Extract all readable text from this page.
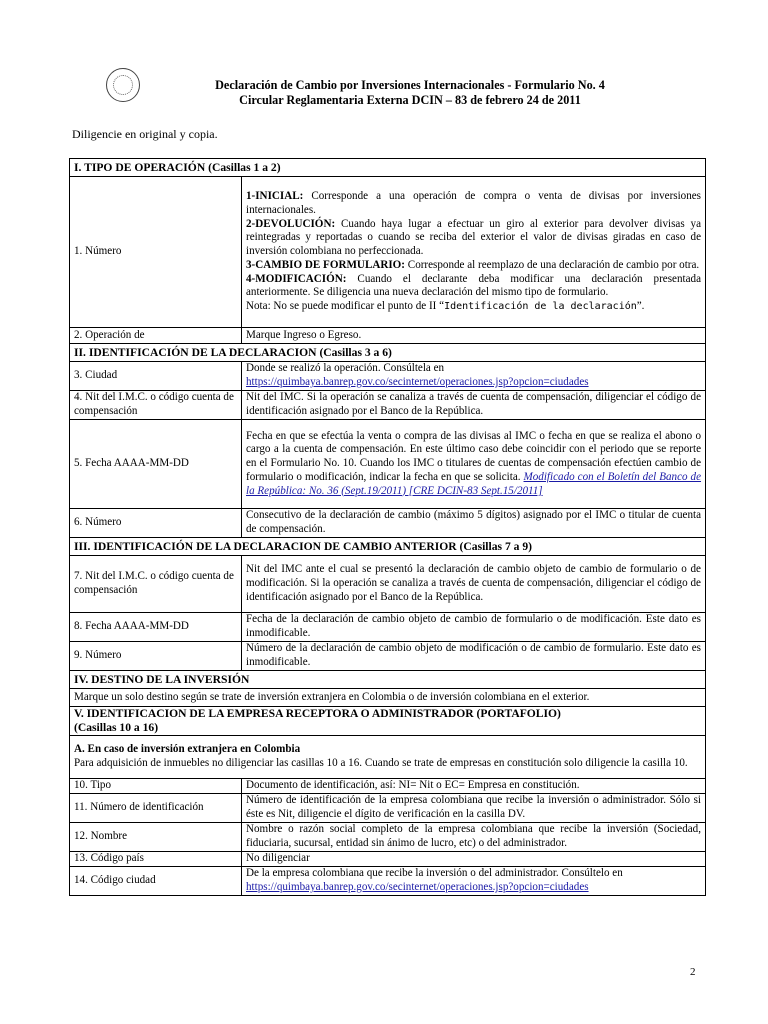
Declaración de Cambio por Inversiones Internacionales - Formulario No. 4
Circular Reglamentaria Externa DCIN – 83 de febrero 24 de 2011
Diligencie en original y copia.
I. TIPO DE OPERACIÓN (Casillas 1 a 2)	
1. Número	1-INICIAL: Corresponde a una operación de compra o venta de divisas por inversiones internacionales.
2-DEVOLUCIÓN: Cuando haya lugar a efectuar un giro al exterior para devolver divisas ya reintegradas y reportadas o cuando se reciba del exterior el valor de divisas giradas en caso de inversión colombiana no perfeccionada.
3-CAMBIO DE FORMULARIO: Corresponde al reemplazo de una declaración de cambio por otra.
4-MODIFICACIÓN: Cuando el declarante deba modificar una declaración presentada anteriormente. Se diligencia una nueva declaración del mismo tipo de formulario.
Nota: No se puede modificar el punto de II “Identificación de la declaración”.

2. Operación de	Marque Ingreso o Egreso.
II. IDENTIFICACIÓN DE LA DECLARACION (Casillas 3 a 6)	
3. Ciudad	Donde se realizó la operación. Consúltela en
https://quimbaya.banrep.gov.co/secinternet/operaciones.jsp?opcion=ciudades
4. Nit del I.M.C. o código cuenta de compensación	Nit del IMC. Si la operación se canaliza a través de cuenta de compensación, diligenciar el código de identificación asignado por el Banco de la República.
5. Fecha AAAA-MM-DD	Fecha en que se efectúa la venta o compra de las divisas al IMC o fecha en que se realiza el abono o cargo a la cuenta de compensación. En este último caso debe coincidir con el periodo que se reporte en el Formulario No. 10. Cuando los IMC o titulares de cuentas de compensación efectúen cambio de formulario o modificación, indicar la fecha en que se solicita. Modificado con el Boletín del Banco de la República: No. 36 (Sept.19/2011) [CRE DCIN-83 Sept.15/2011]
6. Número	Consecutivo de la declaración de cambio (máximo 5 dígitos) asignado por el IMC o titular de cuenta de compensación.
III. IDENTIFICACIÓN DE LA DECLARACION DE CAMBIO ANTERIOR (Casillas 7 a 9)	
7. Nit del I.M.C. o código cuenta de compensación	Nit del IMC ante el cual se presentó la declaración de cambio objeto de cambio de formulario o de modificación. Si la operación se canaliza a través de cuenta de compensación, diligenciar el código de identificación asignado por el Banco de la República.
8. Fecha AAAA-MM-DD	Fecha de la declaración de cambio objeto de cambio de formulario o de modificación. Este dato es inmodificable.
9. Número	Número de la declaración de cambio objeto de modificación o de cambio de formulario. Este dato es inmodificable.
IV. DESTINO DE LA INVERSIÓN	
Marque un solo destino según se trate de inversión extranjera en Colombia o de inversión colombiana en el exterior.	

V. IDENTIFICACION DE LA EMPRESA RECEPTORA O ADMINISTRADOR (PORTAFOLIO)
(Casillas 10 a 16)	

A. En caso de inversión extranjera en Colombia
Para adquisición de inmuebles no diligenciar las casillas 10 a 16. Cuando se trate de empresas en constitución solo diligencie la casilla 10.	

10. Tipo	Documento de identificación, así: NI= Nit o EC= Empresa en constitución.
11. Número de identificación	Número de identificación de la empresa colombiana que recibe la inversión o administrador. Sólo si éste es Nit, diligencie el dígito de verificación en la casilla DV.
12. Nombre	Nombre o razón social completo de la empresa colombiana que recibe la inversión (Sociedad, fiduciaria, sucursal, entidad sin ánimo de lucro, etc) o del administrador.
13. Código país	No diligenciar
14. Código ciudad	De la empresa colombiana que recibe la inversión o del administrador. Consúltelo en
https://quimbaya.banrep.gov.co/secinternet/operaciones.jsp?opcion=ciudades
2
